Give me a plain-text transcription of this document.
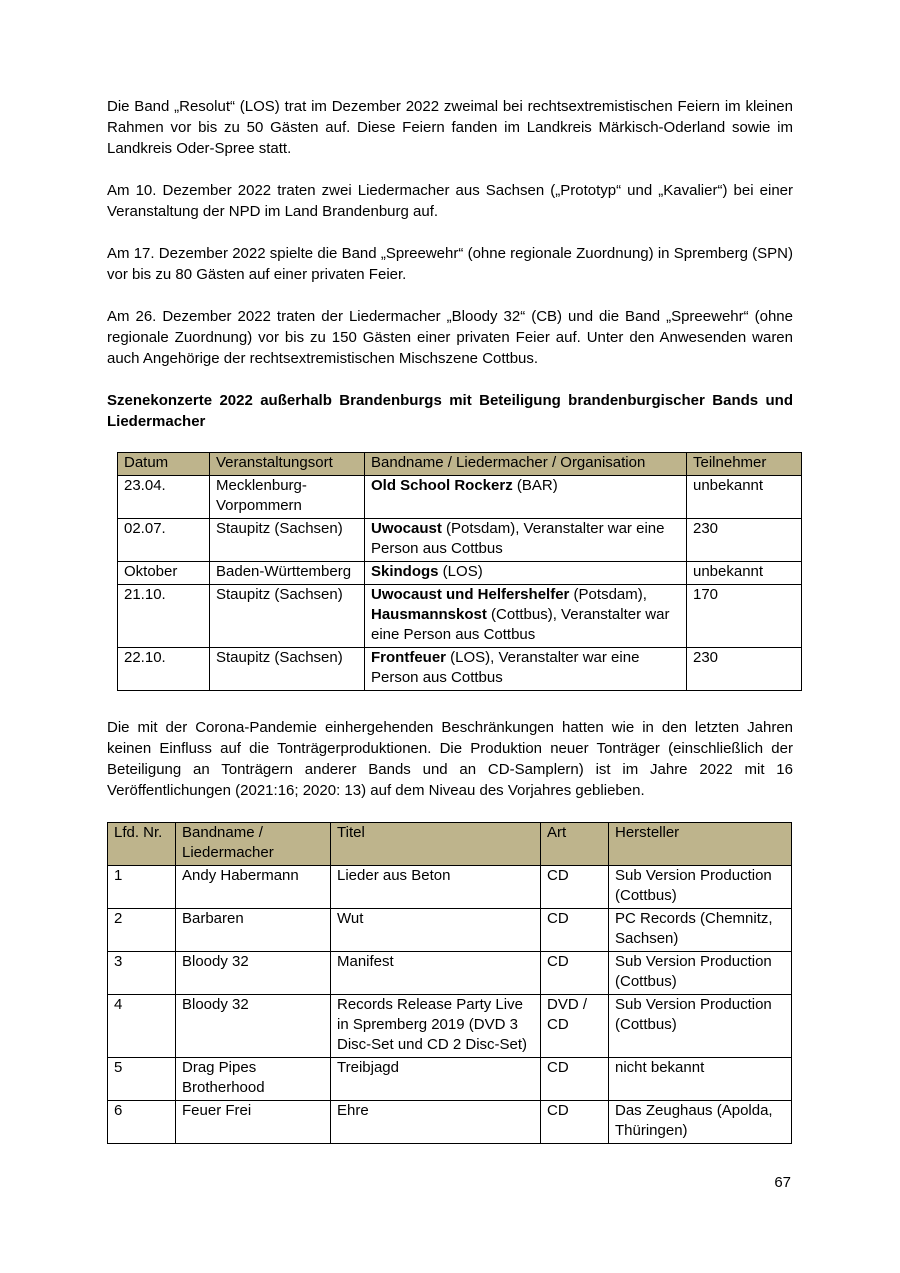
Die Band „Resolut“ (LOS) trat im Dezember 2022 zweimal bei rechtsextremistischen Feiern im kleinen Rahmen vor bis zu 50 Gästen auf. Diese Feiern fanden im Landkreis Märkisch-Oderland sowie im Landkreis Oder-Spree statt.

Am 10. Dezember 2022 traten zwei Liedermacher aus Sachsen („Prototyp“ und „Kavalier“) bei einer Veranstaltung der NPD im Land Brandenburg auf.

Am 17. Dezember 2022 spielte die Band „Spreewehr“ (ohne regionale Zuordnung) in Spremberg (SPN) vor bis zu 80 Gästen auf einer privaten Feier.

Am 26. Dezember 2022 traten der Liedermacher „Bloody 32“ (CB) und die Band „Spreewehr“ (ohne regionale Zuordnung) vor bis zu 150 Gästen einer privaten Feier auf. Unter den Anwesenden waren auch Angehörige der rechtsextremistischen Mischszene Cottbus.

Szenekonzerte 2022 außerhalb Brandenburgs mit Beteiligung brandenburgischer Bands und Liedermacher
Datum	Veranstaltungsort	Bandname / Liedermacher / Organisation	Teilnehmer
23.04.	Mecklenburg-Vorpommern	Old School Rockerz (BAR)	unbekannt
02.07.	Staupitz (Sachsen)	Uwocaust (Potsdam), Veranstalter war eine Person aus Cottbus	230
Oktober	Baden-Württemberg	Skindogs (LOS)	unbekannt
21.10.	Staupitz (Sachsen)	Uwocaust und Helfershelfer (Potsdam), Hausmannskost (Cottbus), Veranstalter war eine Person aus Cottbus	170
22.10.	Staupitz (Sachsen)	Frontfeuer (LOS), Veranstalter war eine Person aus Cottbus	230

Die mit der Corona-Pandemie einhergehenden Beschränkungen hatten wie in den letzten Jahren keinen Einfluss auf die Tonträgerproduktionen. Die Produktion neuer Tonträger (einschließlich der Beteiligung an Tonträgern anderer Bands und an CD-Samplern) ist im Jahre 2022 mit 16 Veröffentlichungen (2021:16; 2020: 13) auf dem Niveau des Vorjahres geblieben.

Lfd. Nr.	Bandname / Liedermacher	Titel	Art	Hersteller
1	Andy Habermann	Lieder aus Beton	CD	Sub Version Production (Cottbus)
2	Barbaren	Wut	CD	PC Records (Chemnitz, Sachsen)
3	Bloody 32	Manifest	CD	Sub Version Production (Cottbus)
4	Bloody 32	Records Release Party Live in Spremberg 2019 (DVD 3 Disc-Set und CD 2 Disc-Set)	DVD / CD	Sub Version Production (Cottbus)
5	Drag Pipes Brotherhood	Treibjagd	CD	nicht bekannt
6	Feuer Frei	Ehre	CD	Das Zeughaus (Apolda, Thüringen)
67
